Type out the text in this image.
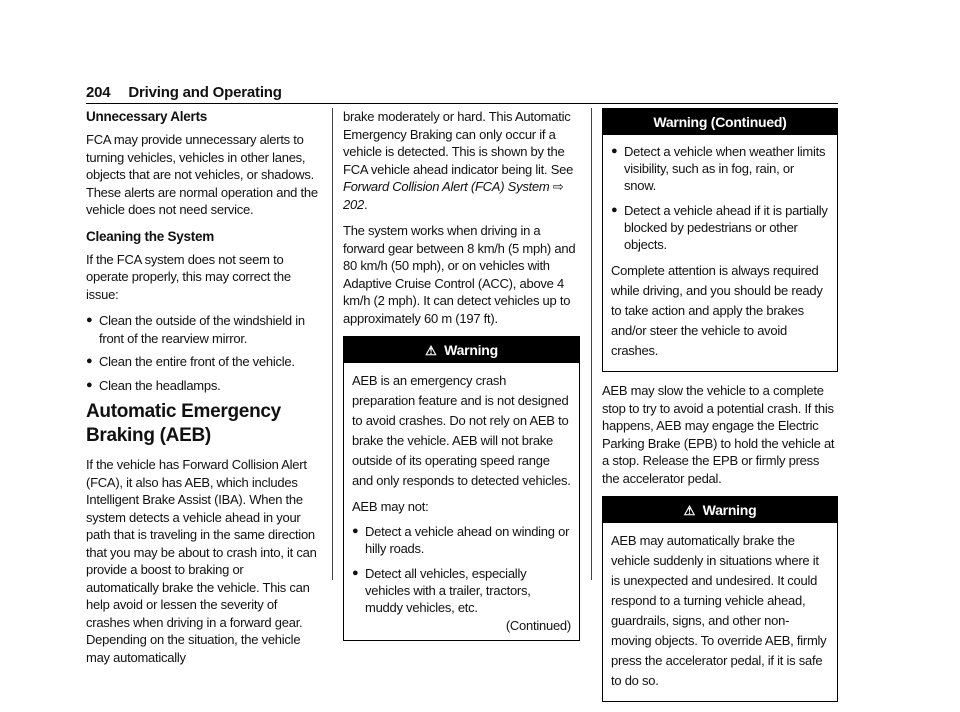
204 Driving and Operating
Unnecessary Alerts

FCA may provide unnecessary alerts to turning vehicles, vehicles in other lanes, objects that are not vehicles, or shadows. These alerts are normal operation and the vehicle does not need service.

Cleaning the System

If the FCA system does not seem to operate properly, this may correct the issue:

● Clean the outside of the windshield in front of the rearview mirror.
● Clean the entire front of the vehicle.
● Clean the headlamps.
Automatic Emergency
Braking (AEB)

If the vehicle has Forward Collision Alert (FCA), it also has AEB, which includes Intelligent Brake Assist (IBA). When the system detects a vehicle ahead in your path that is traveling in the same direction that you may be about to crash into, it can provide a boost to braking or automatically brake the vehicle. This can help avoid or lessen the severity of crashes when driving in a forward gear. Depending on the situation, the vehicle may automatically

brake moderately or hard. This Automatic Emergency Braking can only occur if a vehicle is detected. This is shown by the FCA vehicle ahead indicator being lit. See Forward Collision Alert (FCA) System ⇨ 202.

The system works when driving in a forward gear between 8 km/h (5 mph) and 80 km/h (50 mph), or on vehicles with Adaptive Cruise Control (ACC), above 4 km/h (2 mph). It can detect vehicles up to approximately 60 m (197 ft).

⚠ Warning

AEB is an emergency crash preparation feature and is not designed to avoid crashes. Do not rely on AEB to brake the vehicle. AEB will not brake outside of its operating speed range and only responds to detected vehicles.

AEB may not:

● Detect a vehicle ahead on winding or hilly roads.
● Detect all vehicles, especially vehicles with a trailer, tractors, muddy vehicles, etc.
(Continued)
Warning (Continued)
● Detect a vehicle when weather limits visibility, such as in fog, rain, or snow.
● Detect a vehicle ahead if it is partially blocked by pedestrians or other objects.

Complete attention is always required while driving, and you should be ready to take action and apply the brakes and/or steer the vehicle to avoid crashes.

AEB may slow the vehicle to a complete stop to try to avoid a potential crash. If this happens, AEB may engage the Electric Parking Brake (EPB) to hold the vehicle at a stop. Release the EPB or firmly press the accelerator pedal.

⚠ Warning

AEB may automatically brake the vehicle suddenly in situations where it is unexpected and undesired. It could respond to a turning vehicle ahead, guardrails, signs, and other non-moving objects. To override AEB, firmly press the accelerator pedal, if it is safe to do so.
